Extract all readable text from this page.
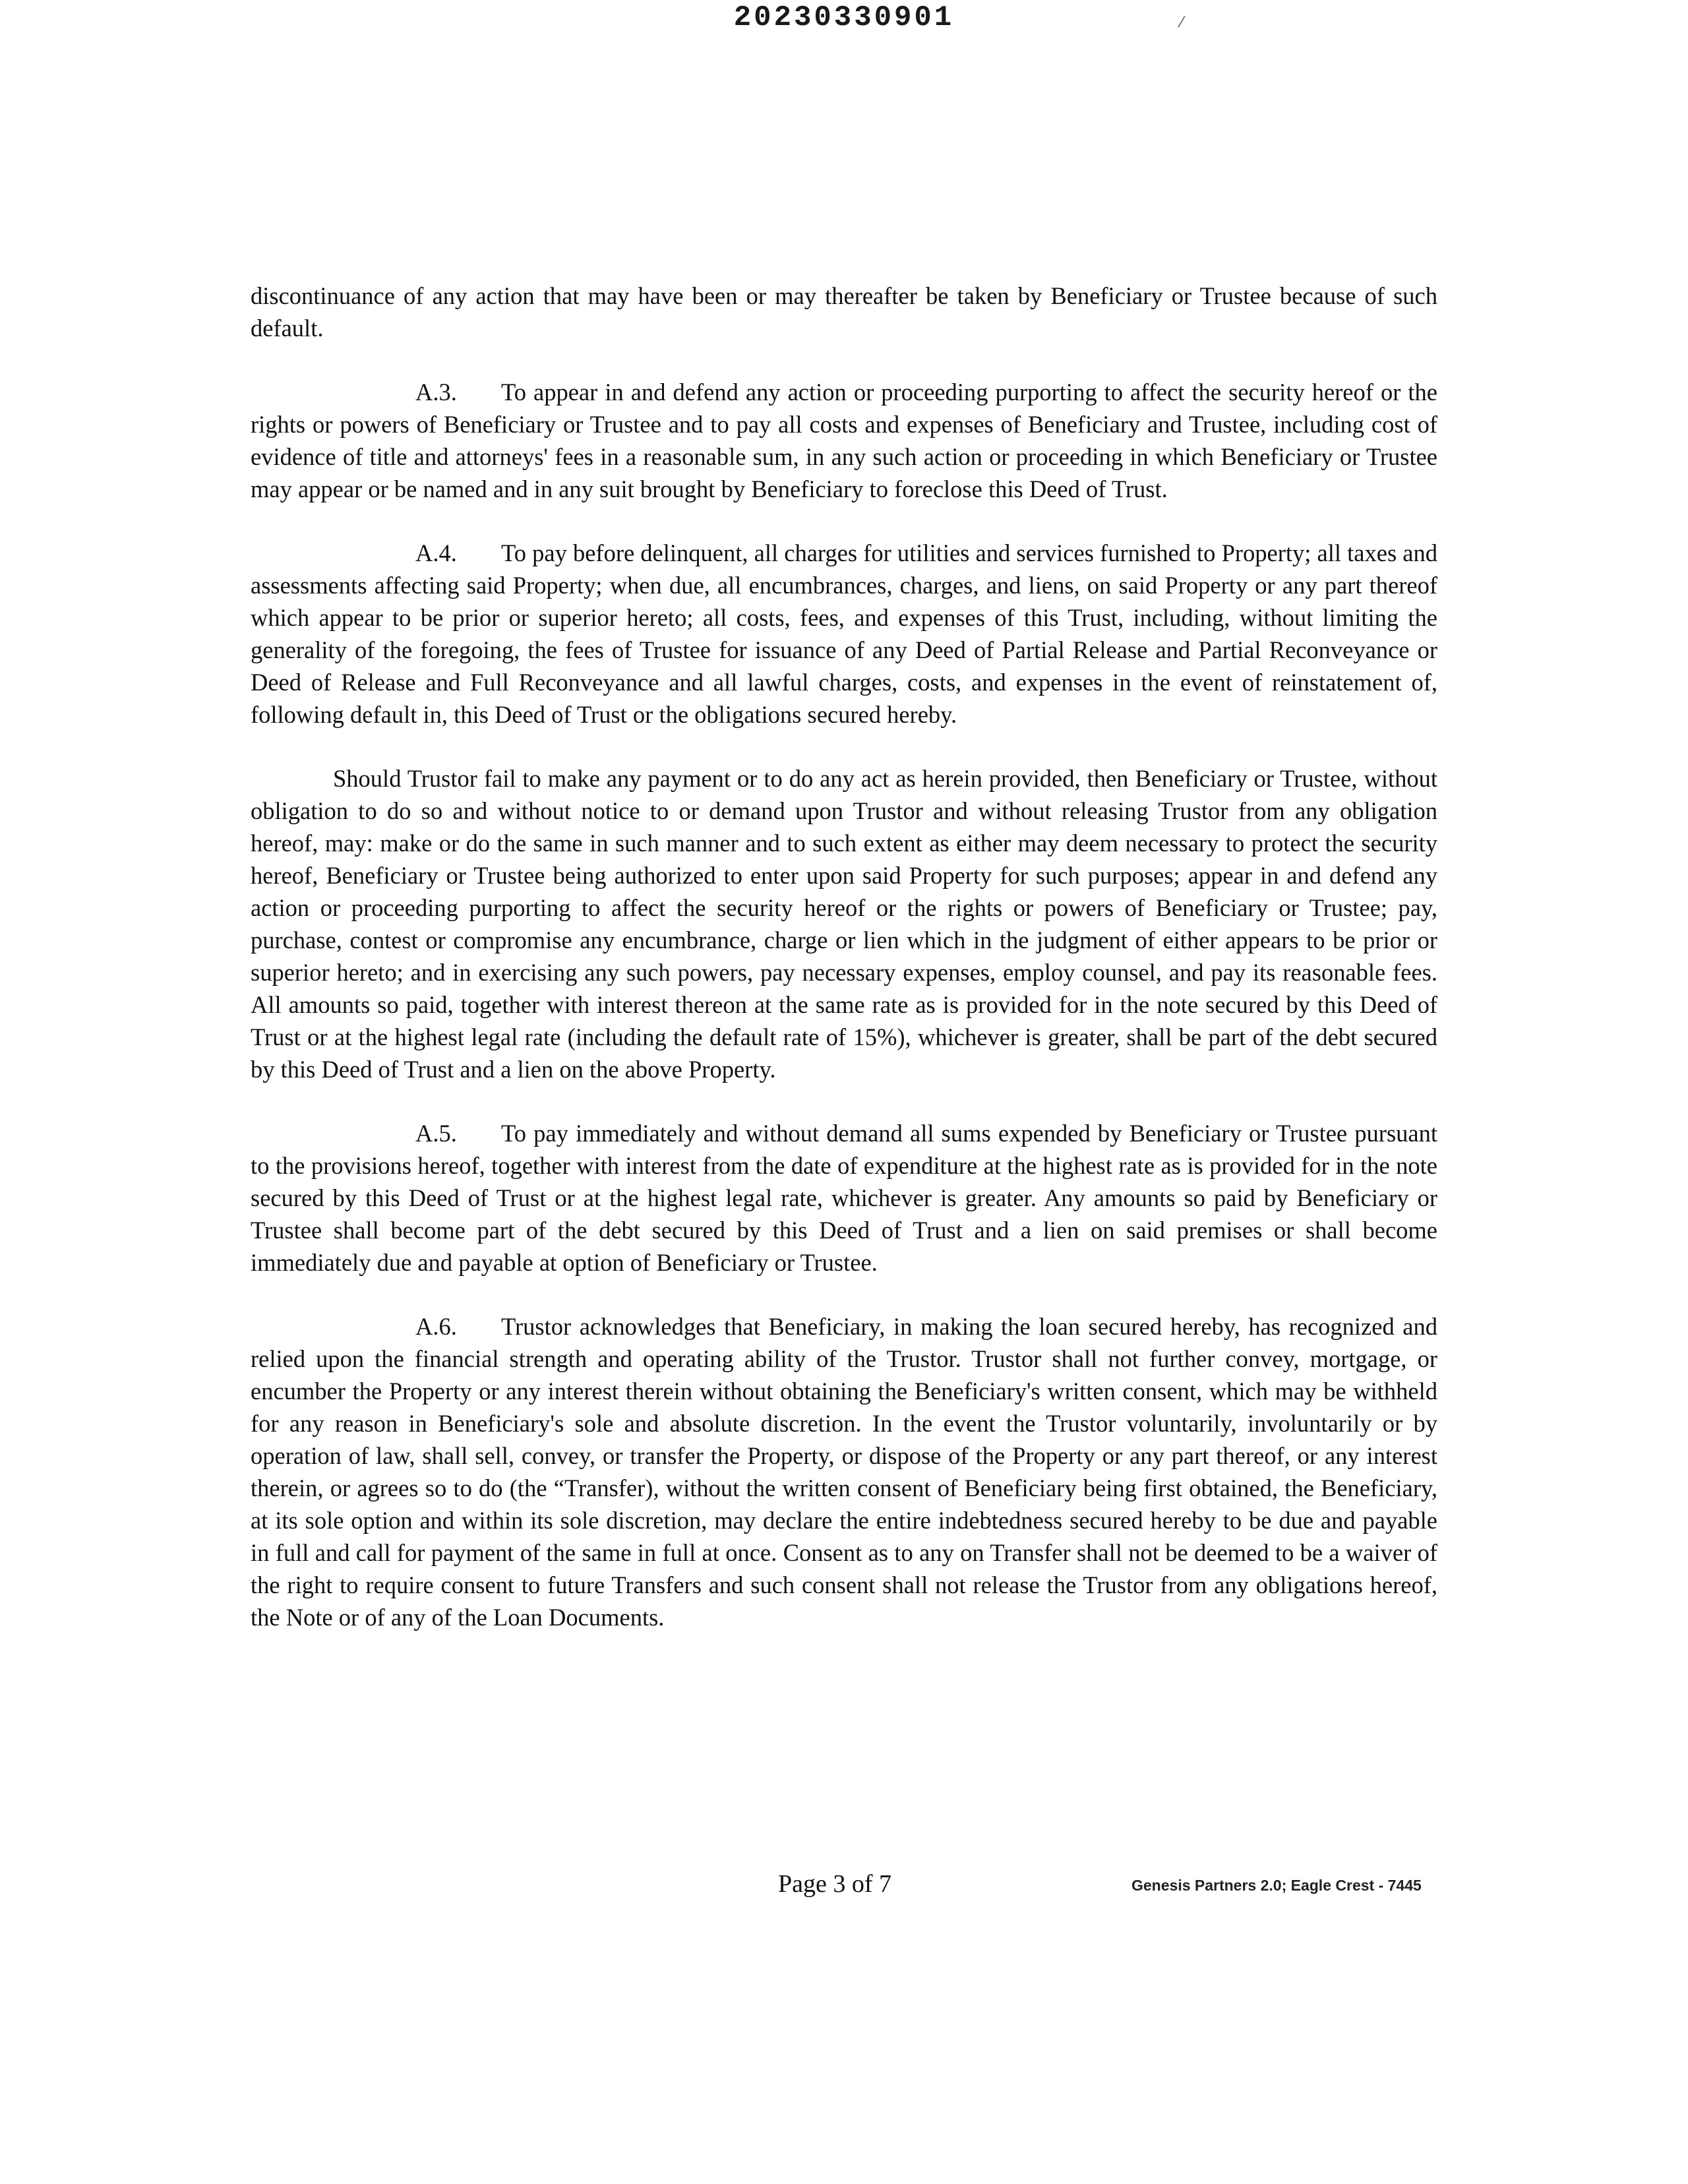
20230330901	⁄

discontinuance of any action that may have been or may thereafter be taken by Beneficiary or Trustee because of such default.

A.3. To appear in and defend any action or proceeding purporting to affect the security hereof or the rights or powers of Beneficiary or Trustee and to pay all costs and expenses of Beneficiary and Trustee, including cost of evidence of title and attorneys' fees in a reasonable sum, in any such action or proceeding in which Beneficiary or Trustee may appear or be named and in any suit brought by Beneficiary to foreclose this Deed of Trust.

A.4. To pay before delinquent, all charges for utilities and services furnished to Property; all taxes and assessments affecting said Property; when due, all encumbrances, charges, and liens, on said Property or any part thereof which appear to be prior or superior hereto; all costs, fees, and expenses of this Trust, including, without limiting the generality of the foregoing, the fees of Trustee for issuance of any Deed of Partial Release and Partial Reconveyance or Deed of Release and Full Reconveyance and all lawful charges, costs, and expenses in the event of reinstatement of, following default in, this Deed of Trust or the obligations secured hereby.

Should Trustor fail to make any payment or to do any act as herein provided, then Beneficiary or Trustee, without obligation to do so and without notice to or demand upon Trustor and without releasing Trustor from any obligation hereof, may: make or do the same in such manner and to such extent as either may deem necessary to protect the security hereof, Beneficiary or Trustee being authorized to enter upon said Property for such purposes; appear in and defend any action or proceeding purporting to affect the security hereof or the rights or powers of Beneficiary or Trustee; pay, purchase, contest or compromise any encumbrance, charge or lien which in the judgment of either appears to be prior or superior hereto; and in exercising any such powers, pay necessary expenses, employ counsel, and pay its reasonable fees. All amounts so paid, together with interest thereon at the same rate as is provided for in the note secured by this Deed of Trust or at the highest legal rate (including the default rate of 15%), whichever is greater, shall be part of the debt secured by this Deed of Trust and a lien on the above Property.

A.5. To pay immediately and without demand all sums expended by Beneficiary or Trustee pursuant to the provisions hereof, together with interest from the date of expenditure at the highest rate as is provided for in the note secured by this Deed of Trust or at the highest legal rate, whichever is greater. Any amounts so paid by Beneficiary or Trustee shall become part of the debt secured by this Deed of Trust and a lien on said premises or shall become immediately due and payable at option of Beneficiary or Trustee.

A.6. Trustor acknowledges that Beneficiary, in making the loan secured hereby, has recognized and relied upon the financial strength and operating ability of the Trustor. Trustor shall not further convey, mortgage, or encumber the Property or any interest therein without obtaining the Beneficiary's written consent, which may be withheld for any reason in Beneficiary's sole and absolute discretion. In the event the Trustor voluntarily, involuntarily or by operation of law, shall sell, convey, or transfer the Property, or dispose of the Property or any part thereof, or any interest therein, or agrees so to do (the “Transfer), without the written consent of Beneficiary being first obtained, the Beneficiary, at its sole option and within its sole discretion, may declare the entire indebtedness secured hereby to be due and payable in full and call for payment of the same in full at once. Consent as to any on Transfer shall not be deemed to be a waiver of the right to require consent to future Transfers and such consent shall not release the Trustor from any obligations hereof, the Note or of any of the Loan Documents.

Page 3 of 7	Genesis Partners 2.0; Eagle Crest - 7445
